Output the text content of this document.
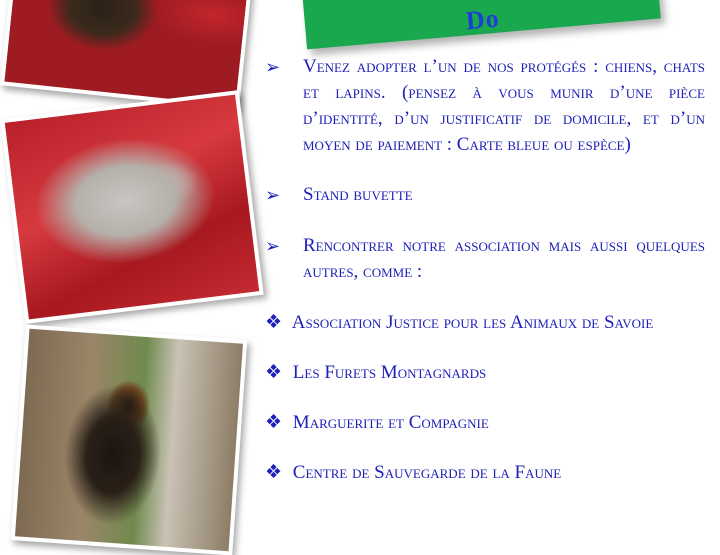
Do

➢ Venez adopter l’un de nos protégés : chiens, chats et lapins. (pensez à vous munir d’une pièce d’identité, d’un justificatif de domicile, et d’un moyen de paiement : Carte bleue ou espèce)

➢ Stand buvette

➢ Rencontrer notre association mais aussi quelques autres, comme :

❖ Association Justice pour les Animaux de Savoie

❖ Les Furets Montagnards

❖ Marguerite et Compagnie

❖ Centre de Sauvegarde de la Faune
